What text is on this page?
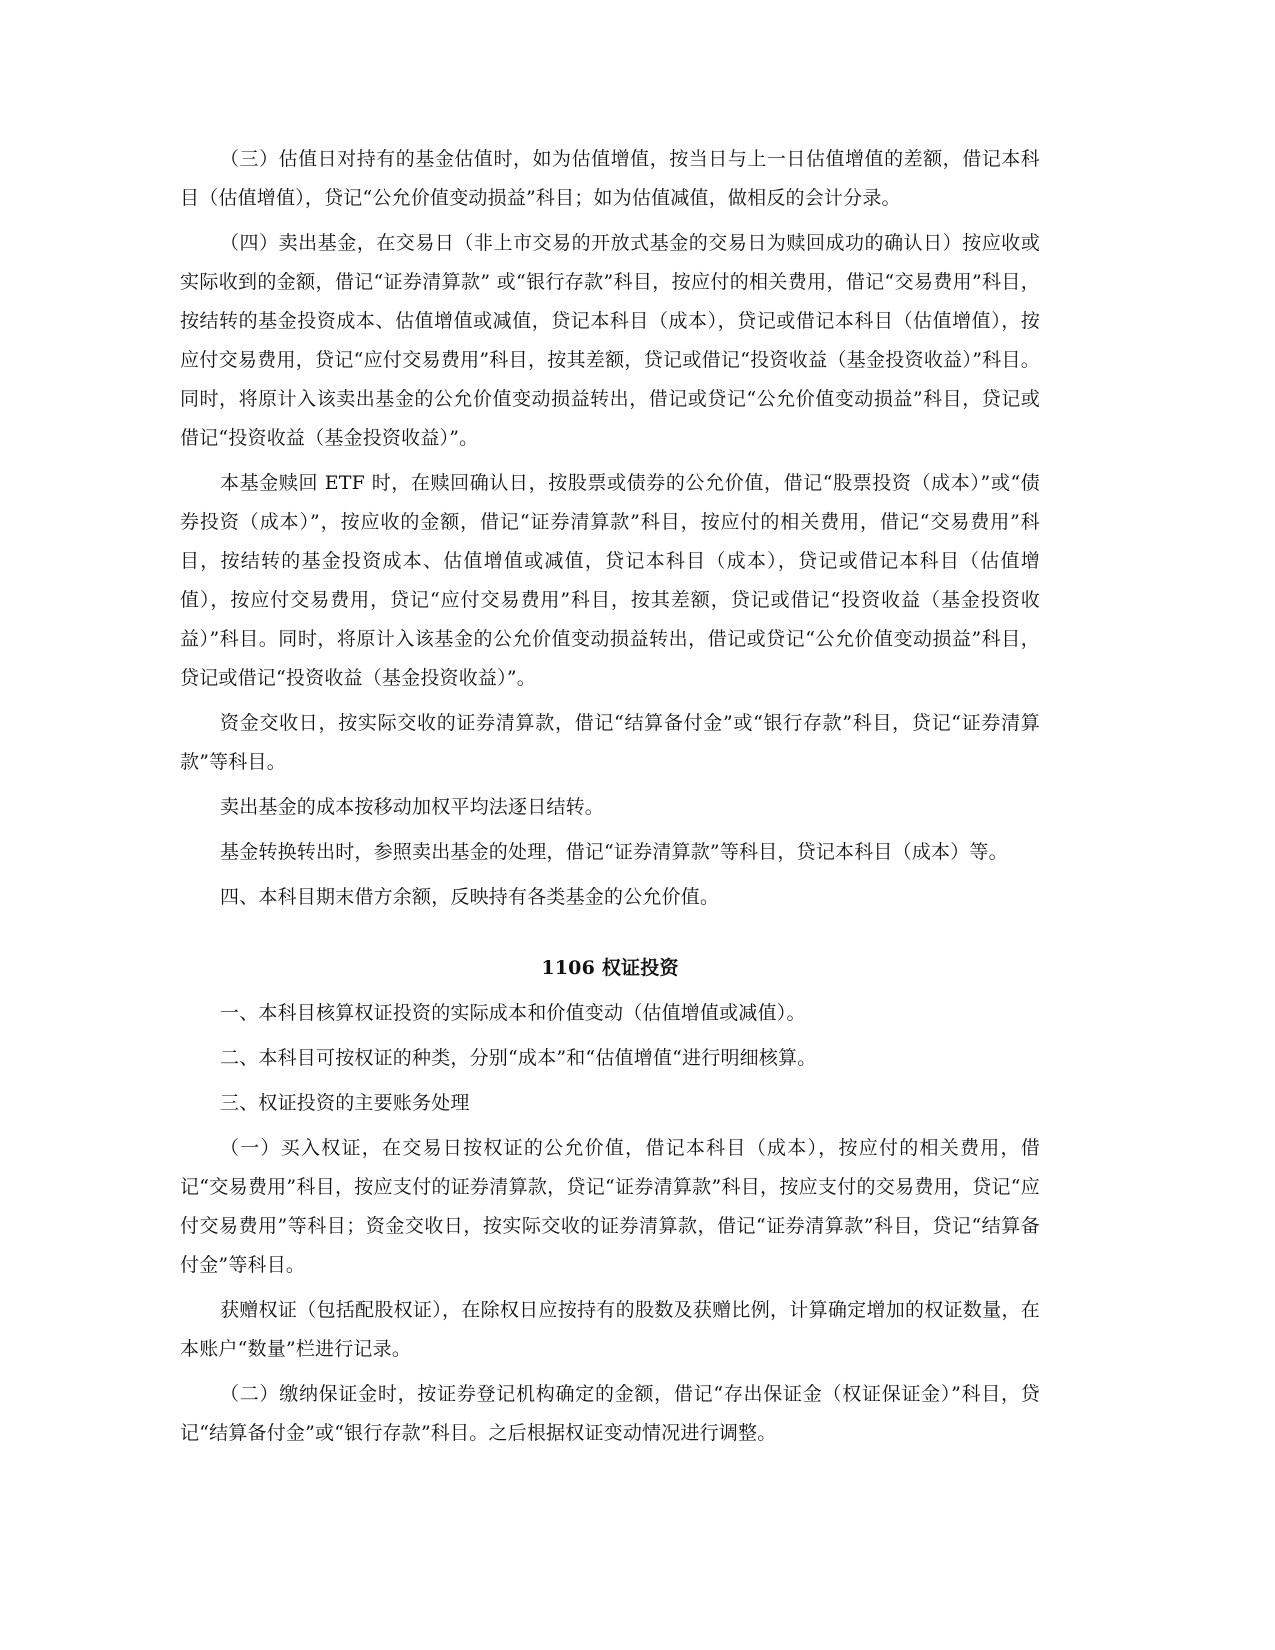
（三）估值日对持有的基金估值时，如为估值增值，按当日与上一日估值增值的差额，借记本科目（估值增值），贷记“公允价值变动损益”科目；如为估值减值，做相反的会计分录。

（四）卖出基金，在交易日（非上市交易的开放式基金的交易日为赎回成功的确认日）按应收或实际收到的金额，借记“证券清算款” 或“银行存款”科目，按应付的相关费用，借记“交易费用”科目，按结转的基金投资成本、估值增值或减值，贷记本科目（成本），贷记或借记本科目（估值增值），按应付交易费用，贷记“应付交易费用”科目，按其差额，贷记或借记“投资收益（基金投资收益）”科目。同时，将原计入该卖出基金的公允价值变动损益转出，借记或贷记“公允价值变动损益”科目，贷记或借记“投资收益（基金投资收益）”。

本基金赎回 ETF 时，在赎回确认日，按股票或债券的公允价值，借记“股票投资（成本）”或“债券投资（成本）”，按应收的金额，借记“证券清算款”科目，按应付的相关费用，借记“交易费用”科目，按结转的基金投资成本、估值增值或减值，贷记本科目（成本），贷记或借记本科目（估值增值），按应付交易费用，贷记“应付交易费用”科目，按其差额，贷记或借记“投资收益（基金投资收益）”科目。同时，将原计入该基金的公允价值变动损益转出，借记或贷记“公允价值变动损益”科目，贷记或借记“投资收益（基金投资收益）”。

资金交收日，按实际交收的证券清算款，借记“结算备付金”或“银行存款”科目，贷记“证券清算款”等科目。

卖出基金的成本按移动加权平均法逐日结转。

基金转换转出时，参照卖出基金的处理，借记“证券清算款”等科目，贷记本科目（成本）等。

四、本科目期末借方余额，反映持有各类基金的公允价值。

1106 权证投资

一、本科目核算权证投资的实际成本和价值变动（估值增值或减值）。

二、本科目可按权证的种类，分别“成本”和“估值增值“进行明细核算。

三、权证投资的主要账务处理

（一）买入权证，在交易日按权证的公允价值，借记本科目（成本），按应付的相关费用，借记“交易费用”科目，按应支付的证券清算款，贷记“证券清算款”科目，按应支付的交易费用，贷记“应付交易费用”等科目；资金交收日，按实际交收的证券清算款，借记“证券清算款”科目，贷记“结算备付金”等科目。

获赠权证（包括配股权证），在除权日应按持有的股数及获赠比例，计算确定增加的权证数量，在本账户“数量”栏进行记录。

（二）缴纳保证金时，按证券登记机构确定的金额，借记“存出保证金（权证保证金）”科目，贷记“结算备付金”或“银行存款”科目。之后根据权证变动情况进行调整。
